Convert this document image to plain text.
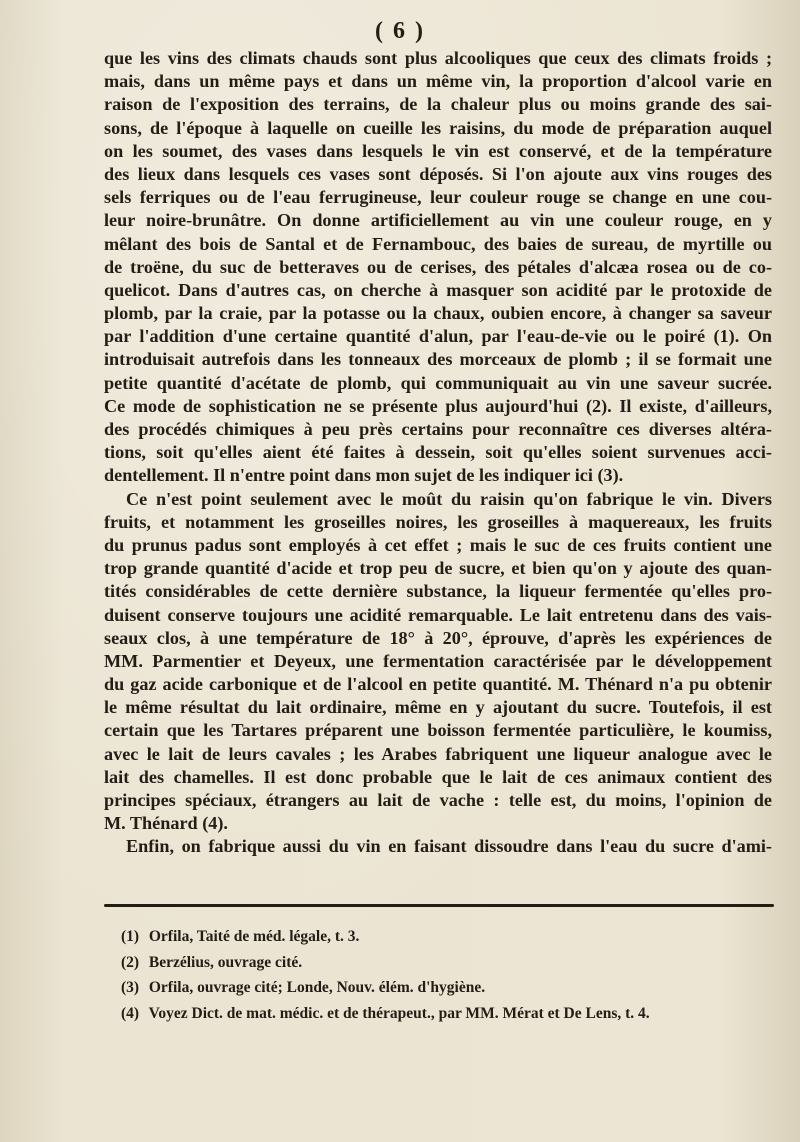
( 6 )
que les vins des climats chauds sont plus alcooliques que ceux des climats froids ;
mais, dans un même pays et dans un même vin, la proportion d'alcool varie en
raison de l'exposition des terrains, de la chaleur plus ou moins grande des sai-
sons, de l'époque à laquelle on cueille les raisins, du mode de préparation auquel
on les soumet, des vases dans lesquels le vin est conservé, et de la température
des lieux dans lesquels ces vases sont déposés. Si l'on ajoute aux vins rouges des
sels ferriques ou de l'eau ferrugineuse, leur couleur rouge se change en une cou-
leur noire-brunâtre. On donne artificiellement au vin une couleur rouge, en y
mêlant des bois de Santal et de Fernambouc, des baies de sureau, de myrtille ou
de troëne, du suc de betteraves ou de cerises, des pétales d'alcæa rosea ou de co-
quelicot. Dans d'autres cas, on cherche à masquer son acidité par le protoxide de
plomb, par la craie, par la potasse ou la chaux, oubien encore, à changer sa saveur
par l'addition d'une certaine quantité d'alun, par l'eau-de-vie ou le poiré (1). On
introduisait autrefois dans les tonneaux des morceaux de plomb ; il se formait une
petite quantité d'acétate de plomb, qui communiquait au vin une saveur sucrée.
Ce mode de sophistication ne se présente plus aujourd'hui (2). Il existe, d'ailleurs,
des procédés chimiques à peu près certains pour reconnaître ces diverses altéra-
tions, soit qu'elles aient été faites à dessein, soit qu'elles soient survenues acci-
dentellement. Il n'entre point dans mon sujet de les indiquer ici (3).
Ce n'est point seulement avec le moût du raisin qu'on fabrique le vin. Divers
fruits, et notamment les groseilles noires, les groseilles à maquereaux, les fruits
du prunus padus sont employés à cet effet ; mais le suc de ces fruits contient une
trop grande quantité d'acide et trop peu de sucre, et bien qu'on y ajoute des quan-
tités considérables de cette dernière substance, la liqueur fermentée qu'elles pro-
duisent conserve toujours une acidité remarquable. Le lait entretenu dans des vais-
seaux clos, à une température de 18° à 20°, éprouve, d'après les expériences de
MM. Parmentier et Deyeux, une fermentation caractérisée par le développement
du gaz acide carbonique et de l'alcool en petite quantité. M. Thénard n'a pu obtenir
le même résultat du lait ordinaire, même en y ajoutant du sucre. Toutefois, il est
certain que les Tartares préparent une boisson fermentée particulière, le koumiss,
avec le lait de leurs cavales ; les Arabes fabriquent une liqueur analogue avec le
lait des chamelles. Il est donc probable que le lait de ces animaux contient des
principes spéciaux, étrangers au lait de vache : telle est, du moins, l'opinion de
M. Thénard (4).
Enfin, on fabrique aussi du vin en faisant dissoudre dans l'eau du sucre d'ami-
(1) Orfila, Taité de méd. légale, t. 3.
(2) Berzélius, ouvrage cité.
(3) Orfila, ouvrage cité; Londe, Nouv. élém. d'hygiène.
(4) Voyez Dict. de mat. médic. et de thérapeut., par MM. Mérat et De Lens, t. 4.
